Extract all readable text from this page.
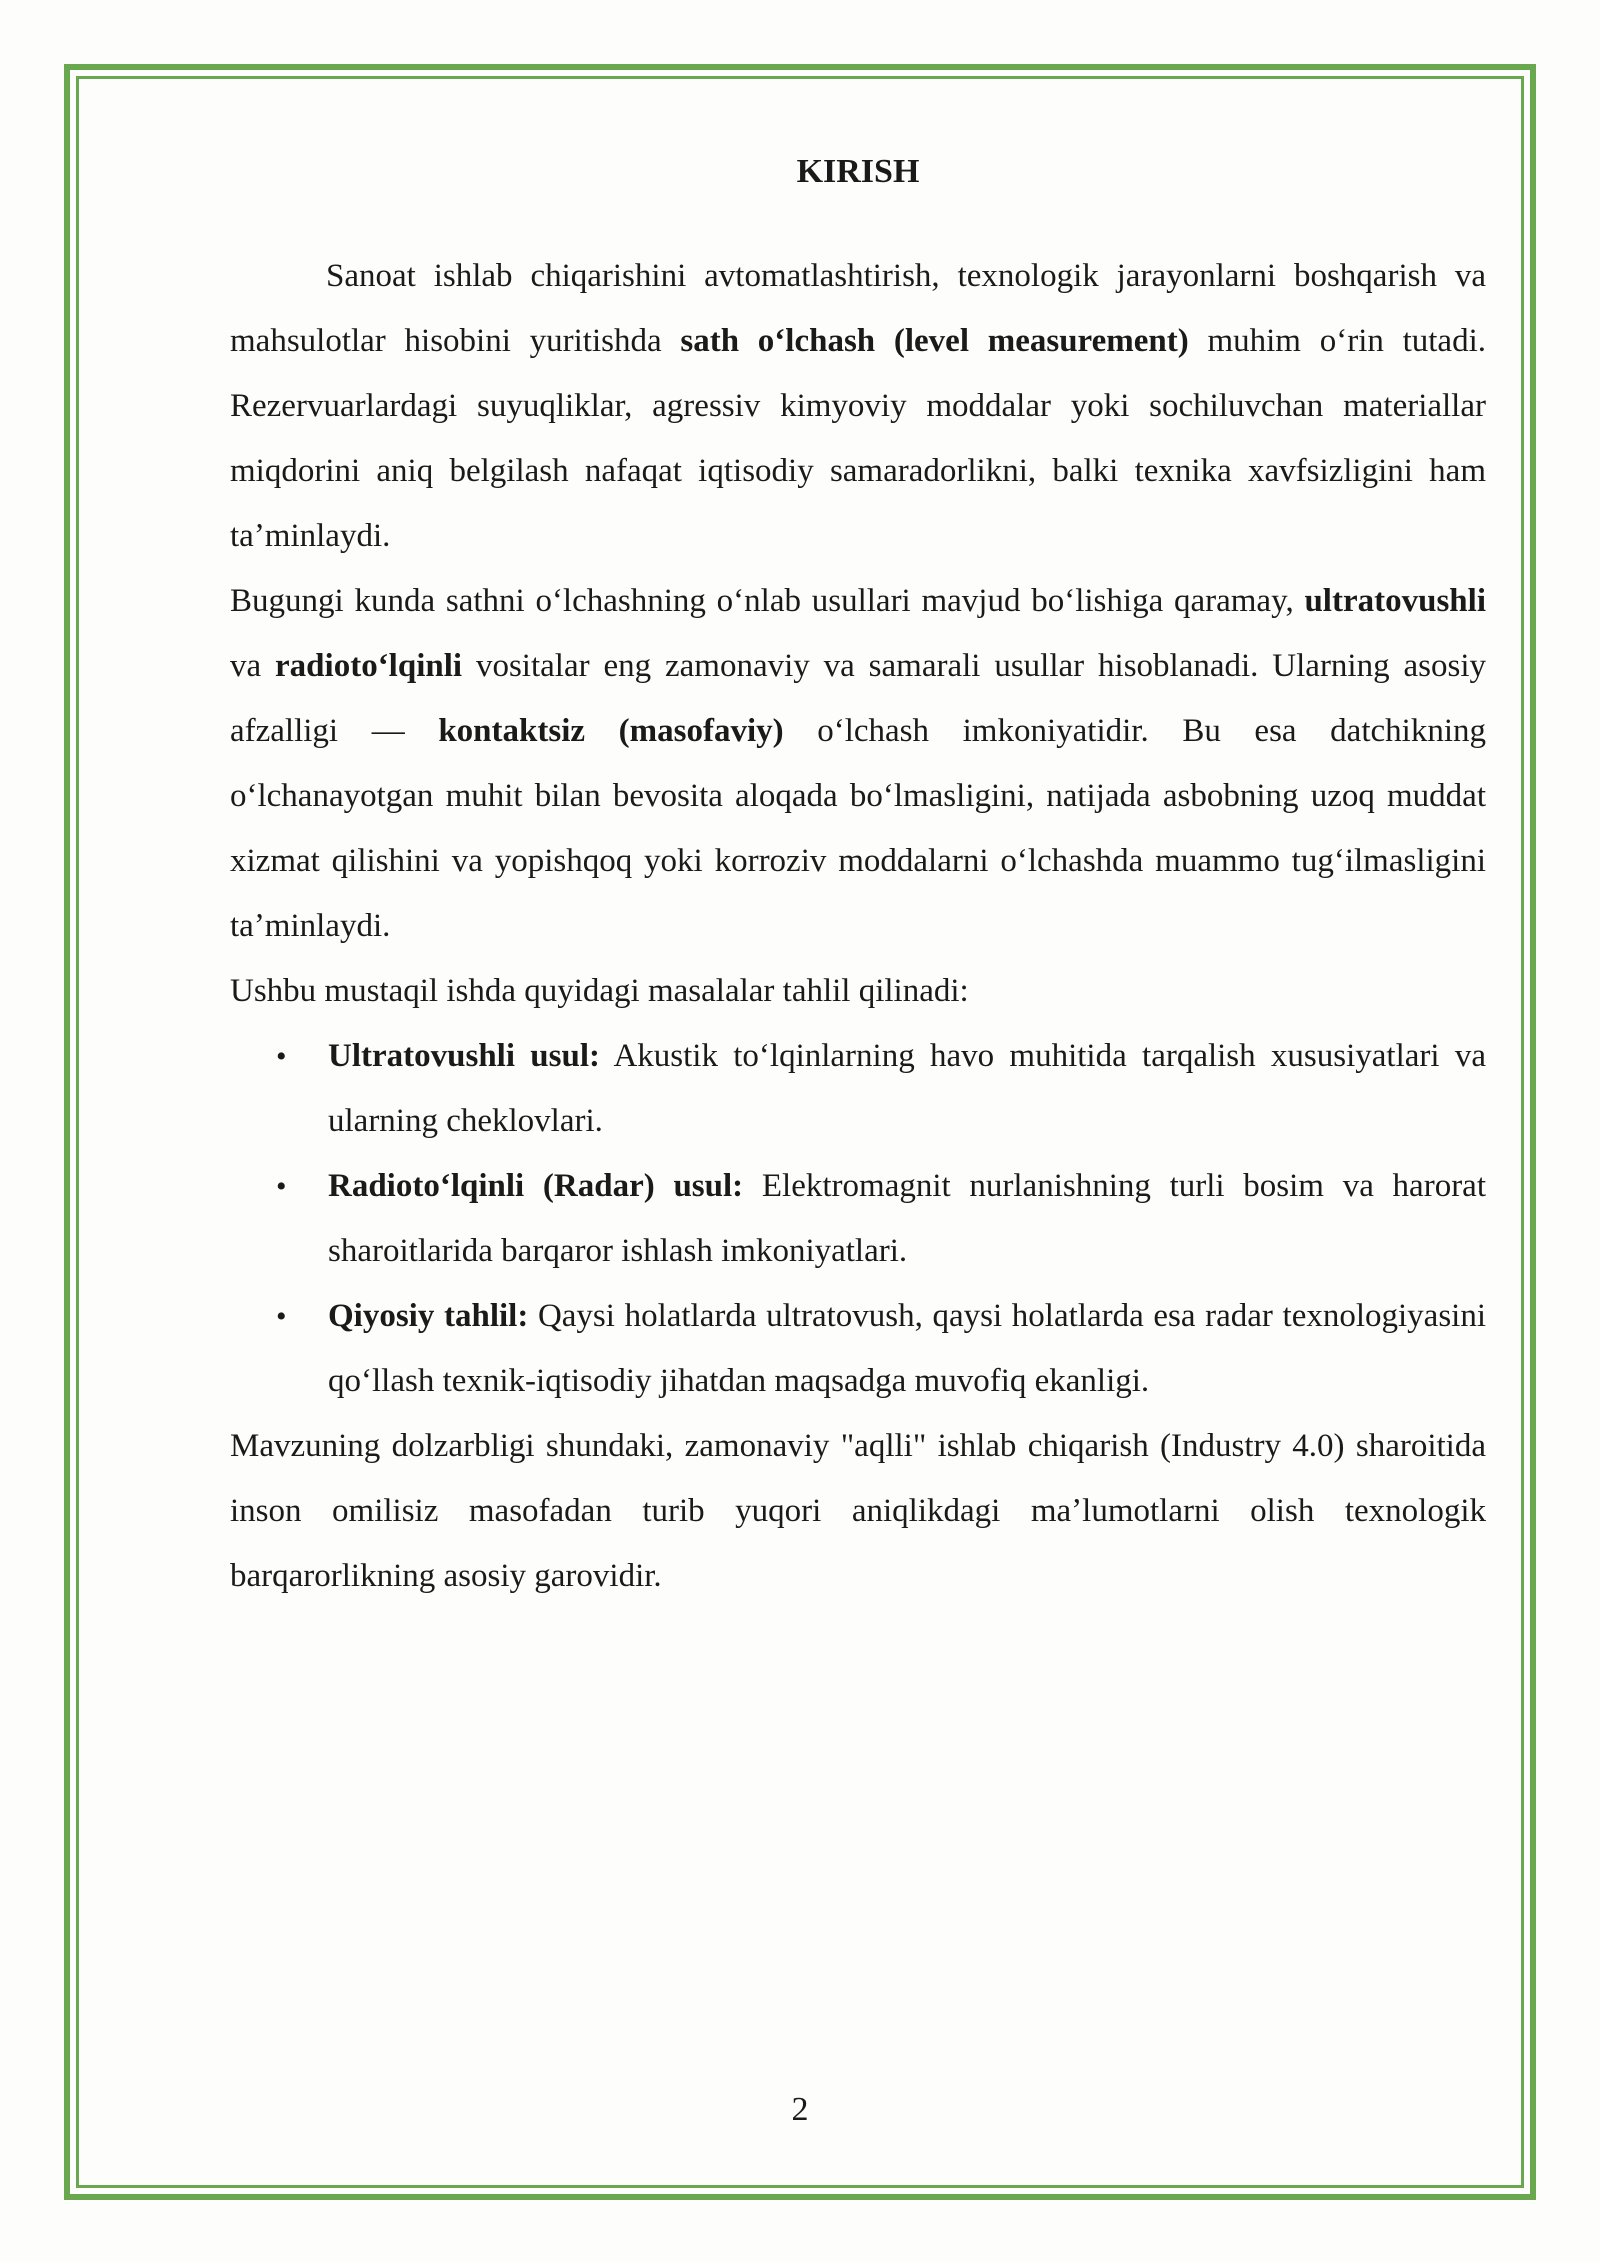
KIRISH

Sanoat ishlab chiqarishini avtomatlashtirish, texnologik jarayonlarni boshqarish va mahsulotlar hisobini yuritishda sath oʻlchash (level measurement) muhim oʻrin tutadi. Rezervuarlardagi suyuqliklar, agressiv kimyoviy moddalar yoki sochiluvchan materiallar miqdorini aniq belgilash nafaqat iqtisodiy samaradorlikni, balki texnika xavfsizligini ham taʼminlaydi.

Bugungi kunda sathni oʻlchashning oʻnlab usullari mavjud boʻlishiga qaramay, ultratovushli va radiotoʻlqinli vositalar eng zamonaviy va samarali usullar hisoblanadi. Ularning asosiy afzalligi — kontaktsiz (masofaviy) oʻlchash imkoniyatidir. Bu esa datchikning oʻlchanayotgan muhit bilan bevosita aloqada boʻlmasligini, natijada asbobning uzoq muddat xizmat qilishini va yopishqoq yoki korroziv moddalarni oʻlchashda muammo tugʻilmasligini taʼminlaydi.

Ushbu mustaqil ishda quyidagi masalalar tahlil qilinadi:

• Ultratovushli usul: Akustik toʻlqinlarning havo muhitida tarqalish xususiyatlari va ularning cheklovlari.
• Radiotoʻlqinli (Radar) usul: Elektromagnit nurlanishning turli bosim va harorat sharoitlarida barqaror ishlash imkoniyatlari.
• Qiyosiy tahlil: Qaysi holatlarda ultratovush, qaysi holatlarda esa radar texnologiyasini qoʻllash texnik-iqtisodiy jihatdan maqsadga muvofiq ekanligi.

Mavzuning dolzarbligi shundaki, zamonaviy "aqlli" ishlab chiqarish (Industry 4.0) sharoitida inson omilisiz masofadan turib yuqori aniqlikdagi maʼlumotlarni olish texnologik barqarorlikning asosiy garovidir.

2
